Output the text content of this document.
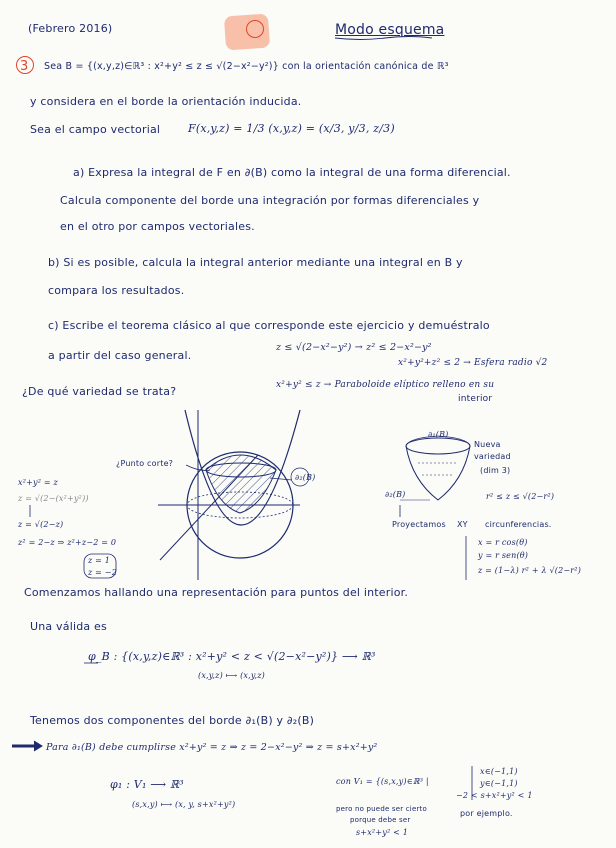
(Febrero 2016)	Modo esquema
3 Sea B = {(x,y,z)∈ℝ³ : x²+y² ≤ z ≤ √(2−x²−y²)} con la orientación canónica de ℝ³
y considera en el borde la orientación inducida.
Sea el campo vectorial	F(x,y,z) = 1/3 (x,y,z) = (x/3, y/3, z/3)
a) Expresa la integral de F en ∂(B) como la integral de una forma diferencial.
Calcula componente del borde una integración por formas diferenciales y
en el otro por campos vectoriales.
b) Si es posible, calcula la integral anterior mediante una integral en B y
compara los resultados.
c) Escribe el teorema clásico al que corresponde este ejercicio y demuéstralo
a partir del caso general.
z ≤ √(2−x²−y²) → z² ≤ 2−x²−y²
x²+y²+z² ≤ 2 → Esfera radio √2
x²+y² ≤ z → Paraboloide elíptico relleno en su
interior
¿De qué variedad se trata?
¿Punto corte?
∂₂(B)
x²+y² = z
z = √(2−(x²+y²))
z = √(2−z)
z² = 2−z ⇒ z²+z−2 = 0
z = 1
z = −2
∂₁(B)
∂₂(B)
Nueva
variedad
(dim 3)
r² ≤ z ≤ √(2−r²)
Proyectamos XY circunferencias.
x = r cos(θ)
y = r sen(θ)
z = (1−λ) r² + λ √(2−r²)
Comenzamos hallando una representación para puntos del interior.
Una válida es
φ_B : {(x,y,z)∈ℝ³ : x²+y² < z < √(2−x²−y²)} ⟶ ℝ³
(x,y,z) ⟼ (x,y,z)
Tenemos dos componentes del borde ∂₁(B) y ∂₂(B)
Para ∂₁(B) debe cumplirse x²+y² = z ⇒ z = 2−x²−y² ⇒ z = s+x²+y²
φ₁ : V₁ ⟶ ℝ³
(s,x,y) ⟼ (x, y, s+x²+y²)
con V₁ = {(s,x,y)∈ℝ³ |
x∈(−1,1)
y∈(−1,1)
−2 < s+x²+y² < 1
por ejemplo.
pero no puede ser cierto
porque debe ser
s+x²+y² < 1
